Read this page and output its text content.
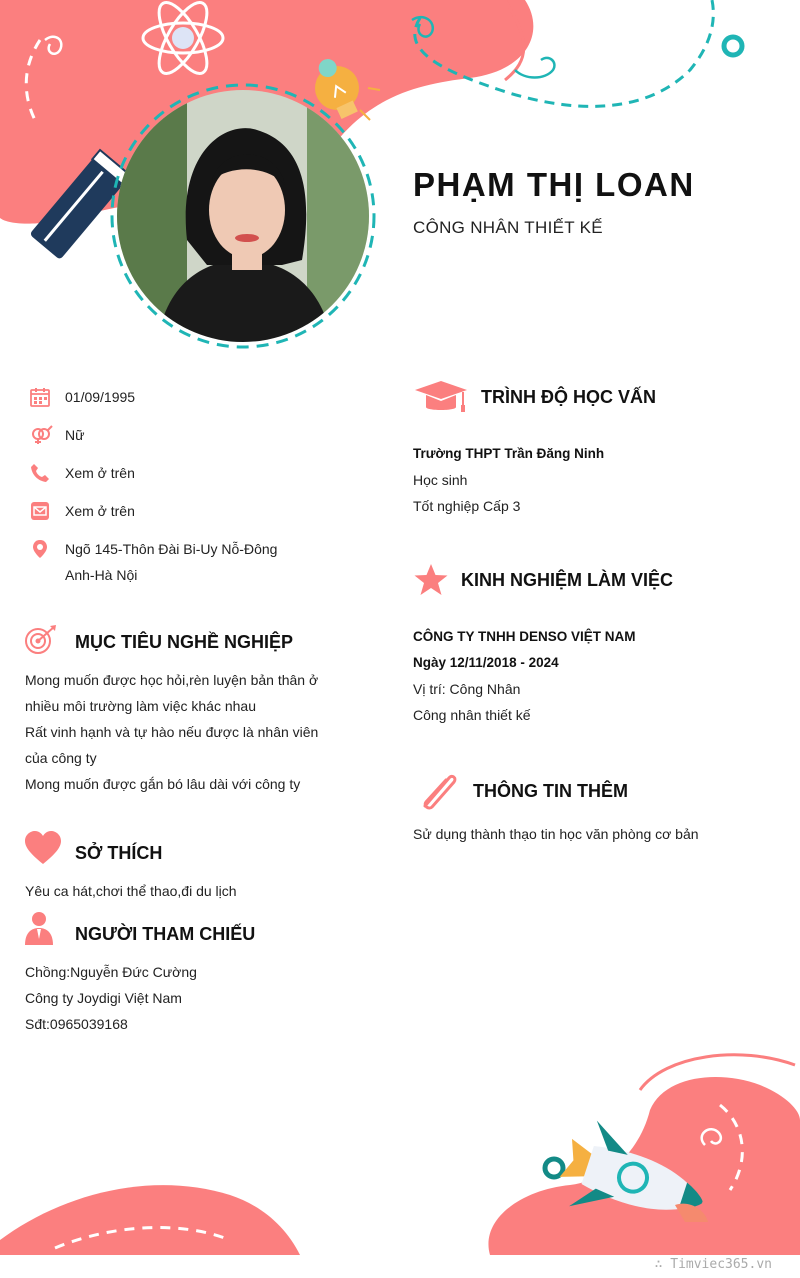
PHẠM THỊ LOAN
CÔNG NHÂN THIẾT KẾ
01/09/1995
Nữ
Xem ở trên
Xem ở trên
Ngõ 145-Thôn Đài Bi-Uy Nỗ-Đông Anh-Hà Nội
MỤC TIÊU NGHỀ NGHIỆP
Mong muốn được học hỏi,rèn luyện bản thân ở nhiều môi trường làm việc khác nhau
Rất vinh hạnh và tự hào nếu được là nhân viên của công ty
Mong muốn được gắn bó lâu dài với công ty
SỞ THÍCH
Yêu ca hát,chơi thể thao,đi du lịch
NGƯỜI THAM CHIẾU
Chồng:Nguyễn Đức Cường
Công ty Joydigi Việt Nam
Sđt:0965039168
TRÌNH ĐỘ HỌC VẤN
Trường THPT Trần Đăng Ninh
Học sinh
Tốt nghiệp Cấp 3
KINH NGHIỆM LÀM VIỆC
CÔNG TY TNHH DENSO VIỆT NAM
Ngày 12/11/2018 - 2024
Vị trí: Công Nhân
Công nhân thiết kế
THÔNG TIN THÊM
Sử dụng thành thạo tin học văn phòng cơ bản
∴ Timviec365.vn
